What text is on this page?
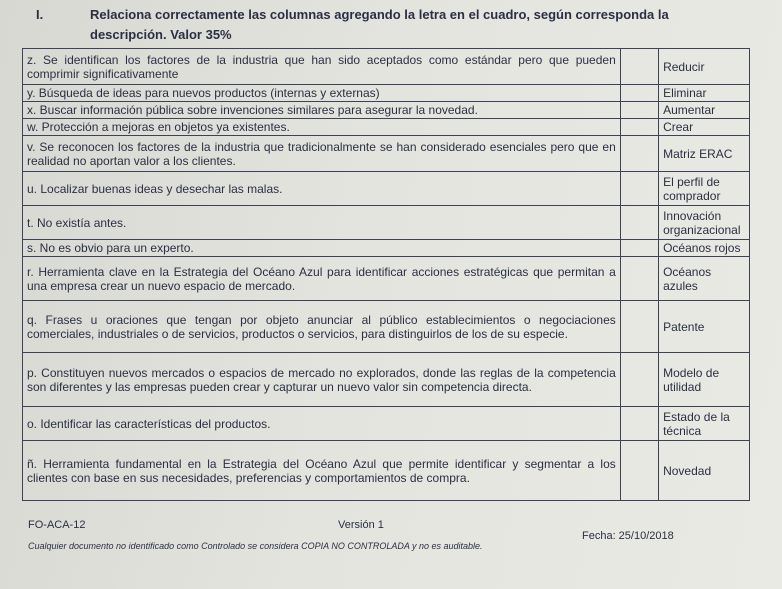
I.	Relaciona correctamente las columnas agregando la letra en el cuadro, según corresponda la
descripción. Valor 35%
z. Se identifican los factores de la industria que han sido aceptados como estándar pero que pueden comprimir significativamente		Reducir
y. Búsqueda de ideas para nuevos productos (internas y externas)		Eliminar
x. Buscar información pública sobre invenciones similares para asegurar la novedad.		Aumentar
w. Protección a mejoras en objetos ya existentes.		Crear
v. Se reconocen los factores de la industria que tradicionalmente se han considerado esenciales pero que en realidad no aportan valor a los clientes.		Matriz ERAC
u. Localizar buenas ideas y desechar las malas.		El perfil de comprador
t. No existía antes.		Innovación organizacional
s. No es obvio para un experto.		Océanos rojos
r. Herramienta clave en la Estrategia del Océano Azul para identificar acciones estratégicas que permitan a una empresa crear un nuevo espacio de mercado.		Océanos azules
q. Frases u oraciones que tengan por objeto anunciar al público establecimientos o negociaciones comerciales, industriales o de servicios, productos o servicios, para distinguirlos de los de su especie.		Patente
p. Constituyen nuevos mercados o espacios de mercado no explorados, donde las reglas de la competencia son diferentes y las empresas pueden crear y capturar un nuevo valor sin competencia directa.		Modelo de utilidad
o. Identificar las características del productos.		Estado de la técnica
ñ. Herramienta fundamental en la Estrategia del Océano Azul que permite identificar y segmentar a los clientes con base en sus necesidades, preferencias y comportamientos de compra.		Novedad
FO-ACA-12	Versión 1
Fecha: 25/10/2018
Cualquier documento no identificado como Controlado se considera COPIA NO CONTROLADA y no es auditable.
